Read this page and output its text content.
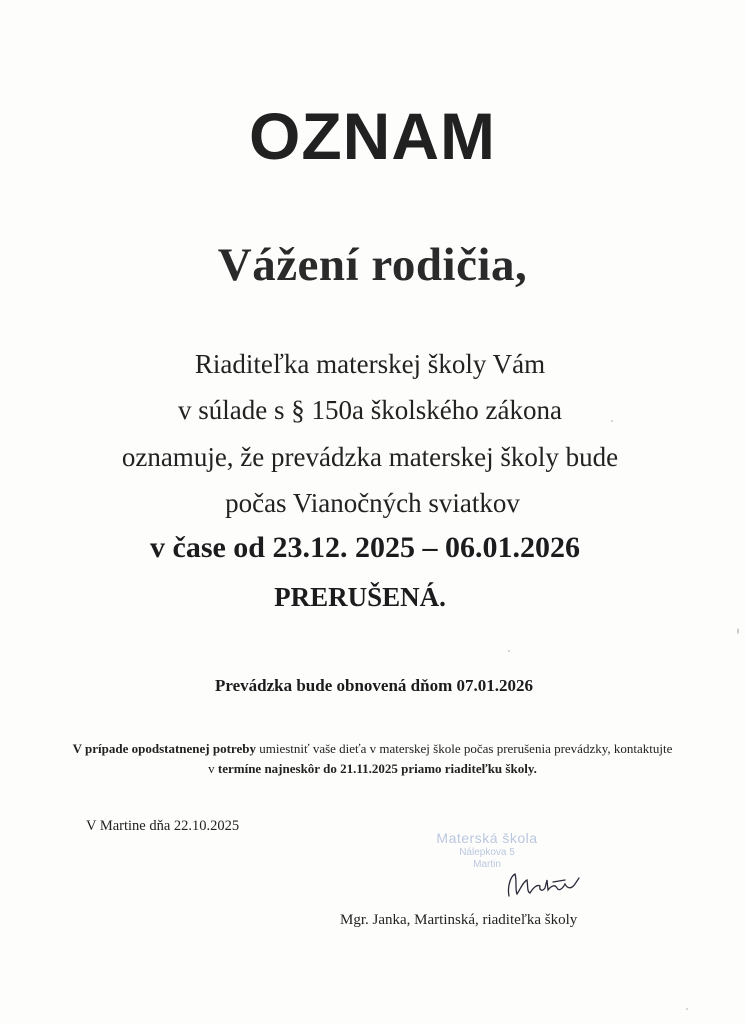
OZNAM
Vážení rodičia,
Riaditeľka materskej školy Vám
v súlade s § 150a školského zákona
oznamuje, že prevádzka materskej školy bude
počas Vianočných sviatkov
v čase od 23.12. 2025 – 06.01.2026
PRERUŠENÁ.
Prevádzka bude obnovená dňom 07.01.2026
V prípade opodstatnenej potreby umiestniť vaše dieťa v materskej škole počas prerušenia prevádzky, kontaktujte v termíne najneskôr do 21.11.2025 priamo riaditeľku školy.
V Martine dňa 22.10.2025
Materská škola
Nálepkova 5
Martin
Mgr. Janka, Martinská, riaditeľka školy
